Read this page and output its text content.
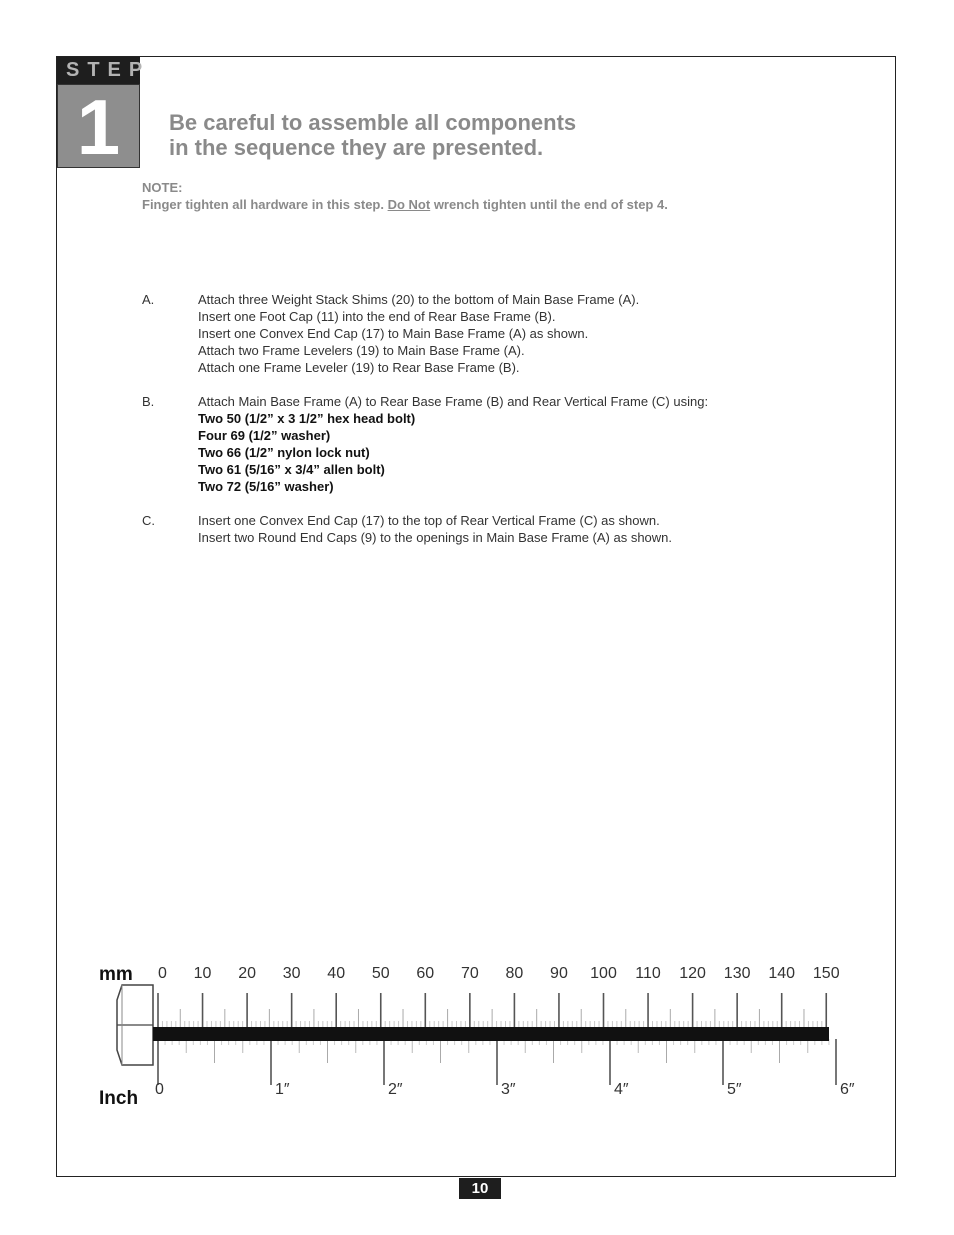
STEP
1	Be careful to assemble all components
in the sequence they are presented.
NOTE:
Finger tighten all hardware in this step. Do Not wrench tighten until the end of step 4.
A.	Attach three Weight Stack Shims (20) to the bottom of Main Base Frame (A).
Insert one Foot Cap (11) into the end of Rear Base Frame (B).
Insert one Convex End Cap (17) to Main Base Frame (A) as shown.
Attach two Frame Levelers (19) to Main Base Frame (A).
Attach one Frame Leveler (19) to Rear Base Frame (B).
B.	Attach Main Base Frame (A) to Rear Base Frame (B) and Rear Vertical Frame (C) using:
Two 50 (1/2” x 3 1/2” hex head bolt)
Four 69 (1/2” washer)
Two 66 (1/2” nylon lock nut)
Two 61 (5/16” x 3/4” allen bolt)
Two 72 (5/16” washer)
C.	Insert one Convex End Cap (17) to the top of Rear Vertical Frame (C) as shown.
Insert two Round End Caps (9) to the openings in Main Base Frame (A) as shown.
mm
Inch
0 10 20 30 40 50 60 70 80 90 100 110 120 130 140 150
0	1″	2″	3″	4″	5″	6″
10
